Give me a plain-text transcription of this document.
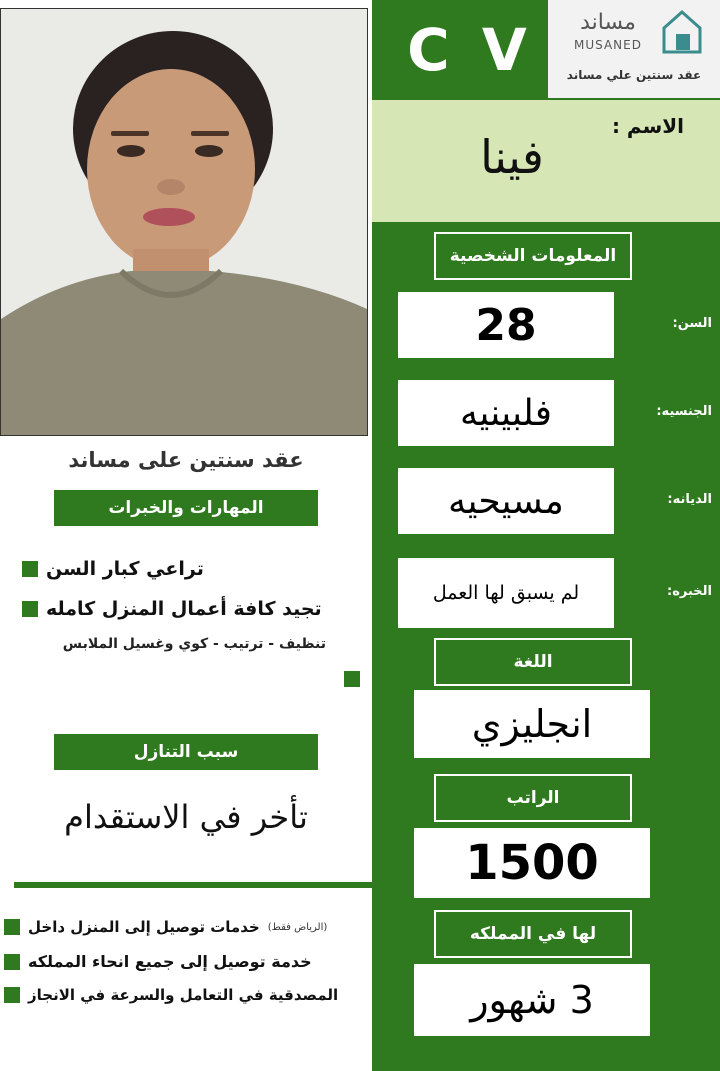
عقد سنتين على مساند
المهارات والخبرات
تراعي كبار السن
تجيد كافة أعمال المنزل كامله
تنظيف - ترتيب - كوي وغسيل الملابس
سبب التنازل
تأخر في الاستقدام
خدمات توصيل إلى المنزل داخل (الرياض فقط)
خدمة توصيل إلى جميع انحاء المملكه
المصدقية في التعامل والسرعة في الانجاز
C V	مساند
MUSANED
عقد سنتين علي مساند
الاسم :
فينا
المعلومات الشخصية
28	السن:
فلبينيه	الجنسيه:
مسيحيه	الديانه:
لم يسبق لها العمل	الخبره:
اللغة
انجليزي
الراتب
1500
لها في المملكه
3 شهور
